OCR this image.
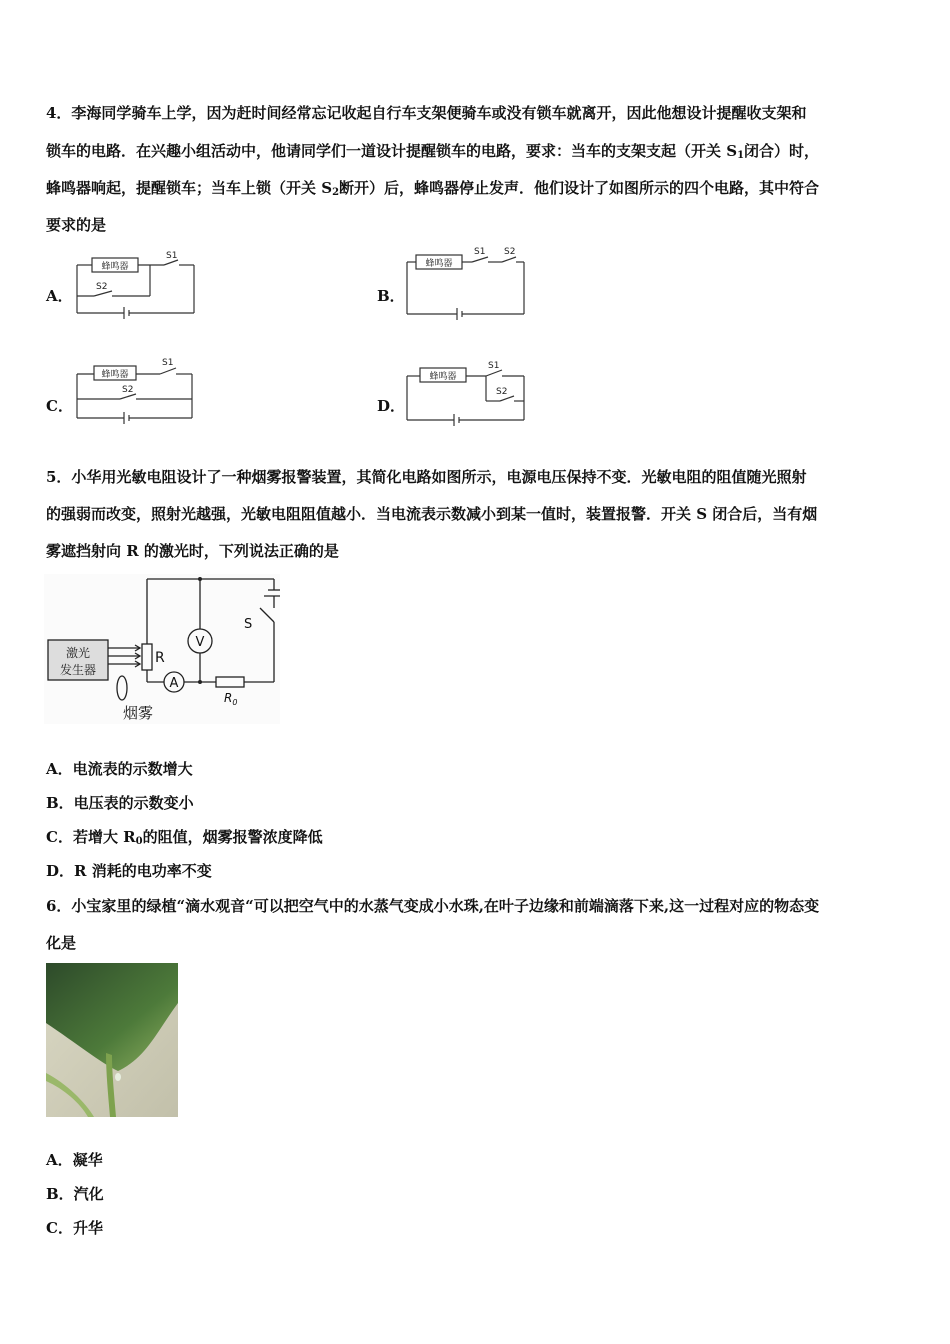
4．李海同学骑车上学，因为赶时间经常忘记收起自行车支架便骑车或没有锁车就离开，因此他想设计提醒收支架和
锁车的电路．在兴趣小组活动中，他请同学们一道设计提醒锁车的电路，要求：当车的支架支起（开关 $S_1$闭合）时，
蜂鸣器响起，提醒锁车；当车上锁（开关 $S_2$断开）后，蜂鸣器停止发声．他们设计了如图所示的四个电路，其中符合
要求的是
A．
蜂鸣器
S1
S2	B．
蜂鸣器
S1 S2
C．
蜂鸣器
S1
S2
D．
蜂鸣器
S1
S2
5．小华用光敏电阻设计了一种烟雾报警装置，其简化电路如图所示，电源电压保持不变．光敏电阻的阻值随光照射
的强弱而改变，照射光越强，光敏电阻阻值越小．当电流表示数减小到某一值时，装置报警．开关 S 闭合后，当有烟
雾遮挡射向 R 的激光时，下列说法正确的是
激光
发生器
R
V
A
S
$R_0$
烟雾
A．电流表的示数增大
B．电压表的示数变小
C．若增大 $R_0$的阻值，烟雾报警浓度降低
D．R 消耗的电功率不变
6．小宝家里的绿植“滴水观音“可以把空气中的水蒸气变成小水珠,在叶子边缘和前端滴落下来,这一过程对应的物态变
化是
A．凝华
B．汽化
C．升华
